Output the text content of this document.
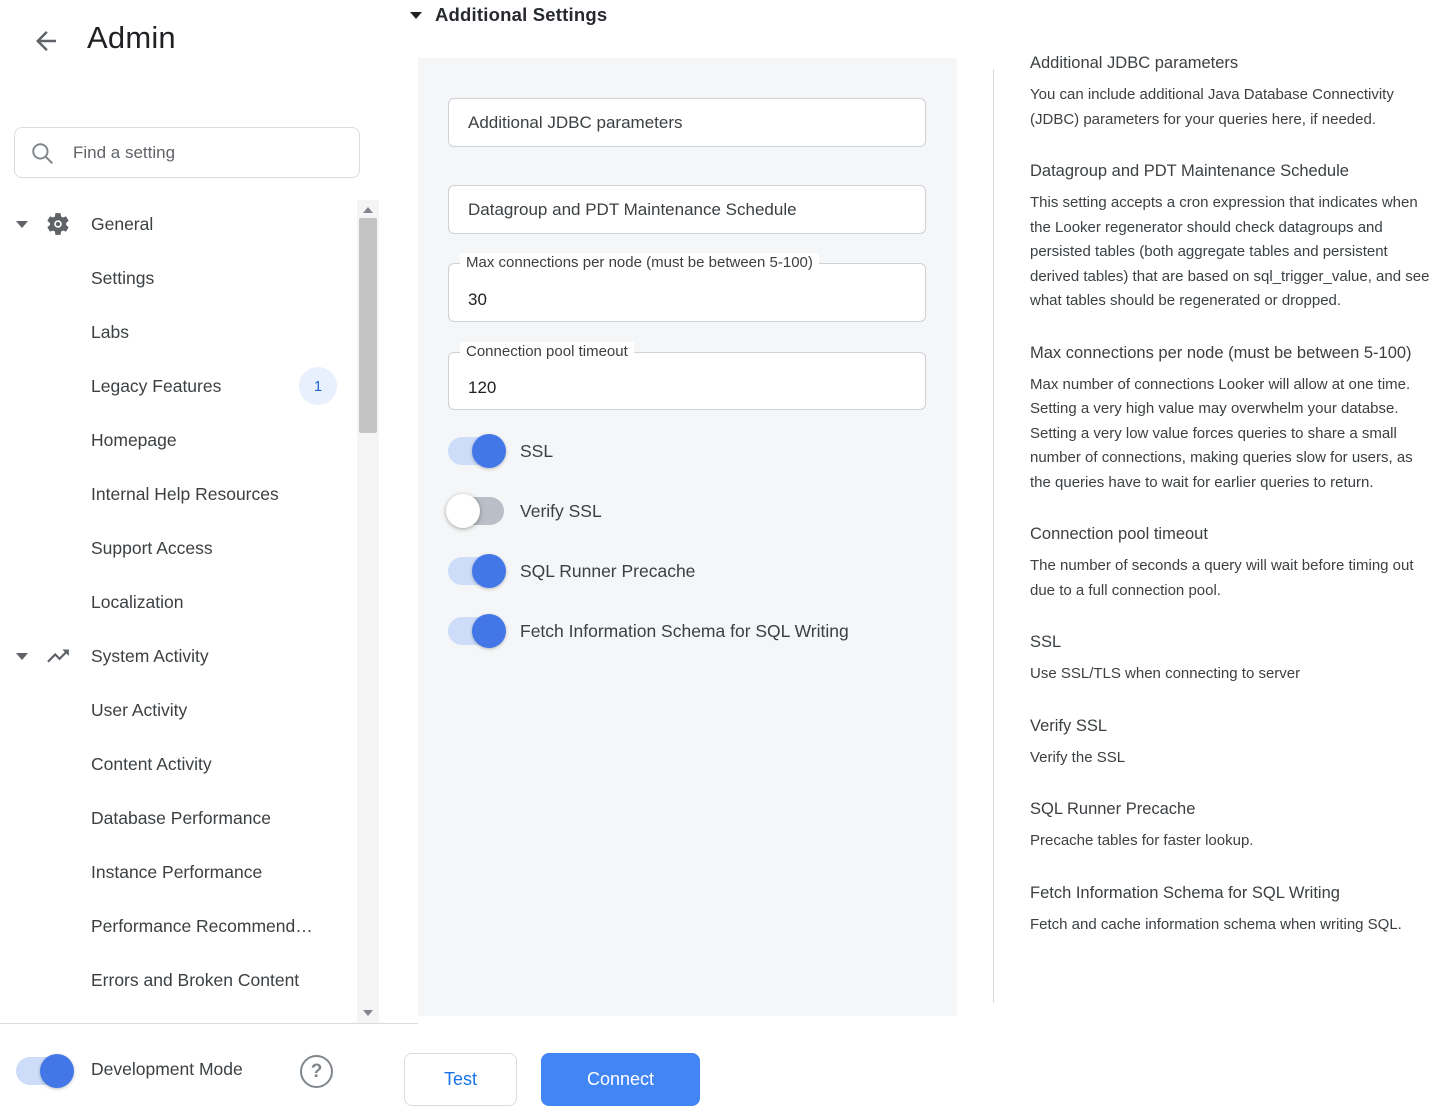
Admin
Find a setting
General
Settings
Labs
Legacy Features	1
Homepage
Internal Help Resources
Support Access
Localization
System Activity
User Activity
Content Activity
Database Performance
Instance Performance
Performance Recommend…
Errors and Broken Content
Development Mode	?
Additional Settings
Additional JDBC parameters
Datagroup and PDT Maintenance Schedule
Max connections per node (must be between 5-100)
30
Connection pool timeout
120
SSL
Verify SSL
SQL Runner Precache
Fetch Information Schema for SQL Writing
Test	Connect
Additional JDBC parameters

You can include additional Java Database Connectivity (JDBC) parameters for your queries here, if needed.

Datagroup and PDT Maintenance Schedule

This setting accepts a cron expression that indicates when the Looker regenerator should check datagroups and persisted tables (both aggregate tables and persistent derived tables) that are based on sql_trigger_value, and see what tables should be regenerated or dropped.

Max connections per node (must be between 5-100)

Max number of connections Looker will allow at one time. Setting a very high value may overwhelm your databse. Setting a very low value forces queries to share a small number of connections, making queries slow for users, as the queries have to wait for earlier queries to return.

Connection pool timeout

The number of seconds a query will wait before timing out due to a full connection pool.

SSL

Use SSL/TLS when connecting to server

Verify SSL

Verify the SSL

SQL Runner Precache

Precache tables for faster lookup.

Fetch Information Schema for SQL Writing

Fetch and cache information schema when writing SQL.
